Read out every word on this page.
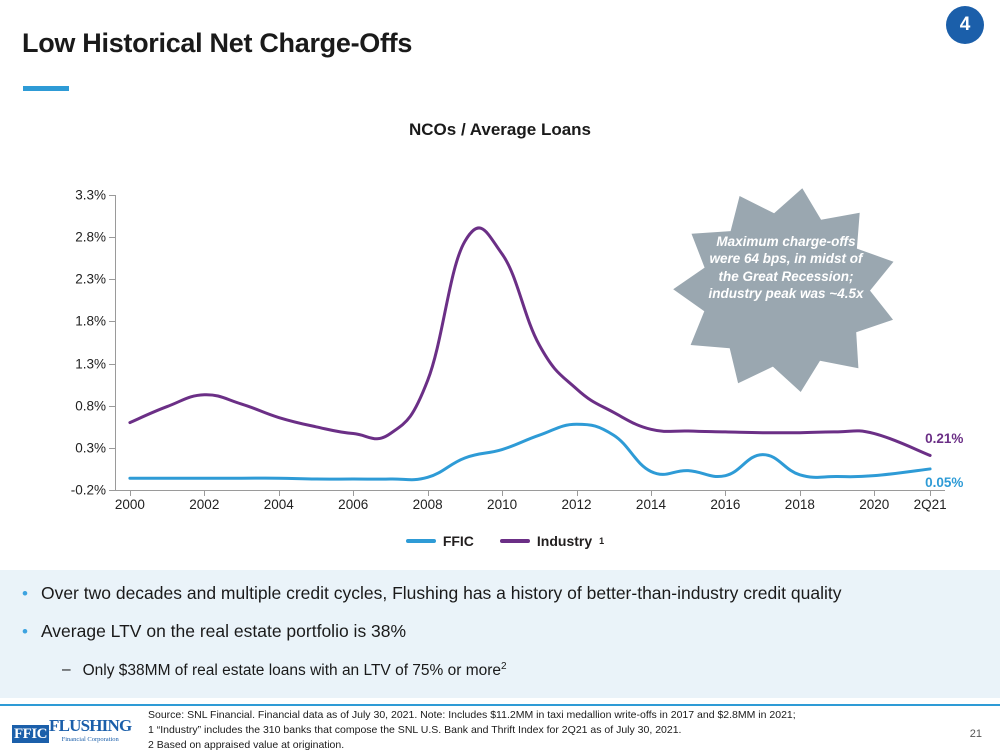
4
Low Historical Net Charge-Offs
NCOs / Average Loans
3.3%
2.8%
2.3%
1.8%
1.3%
0.8%
0.3%
-0.2%
2000	2002	2004	2006	2008	2010	2012	2014	2016	2018	2020 2Q21
0.21%
0.05%
FFIC	Industry 1
Maximum charge-offs were 64 bps, in midst of the Great Recession; industry peak was ~4.5x
• Over two decades and multiple credit cycles, Flushing has a history of better-than-industry credit quality
• Average LTV on the real estate portfolio is 38%
– Only $38MM of real estate loans with an LTV of 75% or more$^2$
Source: SNL Financial. Financial data as of July 30, 2021. Note: Includes $11.2MM in taxi medallion write-offs in 2017 and $2.8MM in 2021;
1 “Industry” includes the 310 banks that compose the SNL U.S. Bank and Thrift Index for 2Q21 as of July 30, 2021.
2 Based on appraised value at origination.
FFIC FLUSHING
Financial Corporation	21
